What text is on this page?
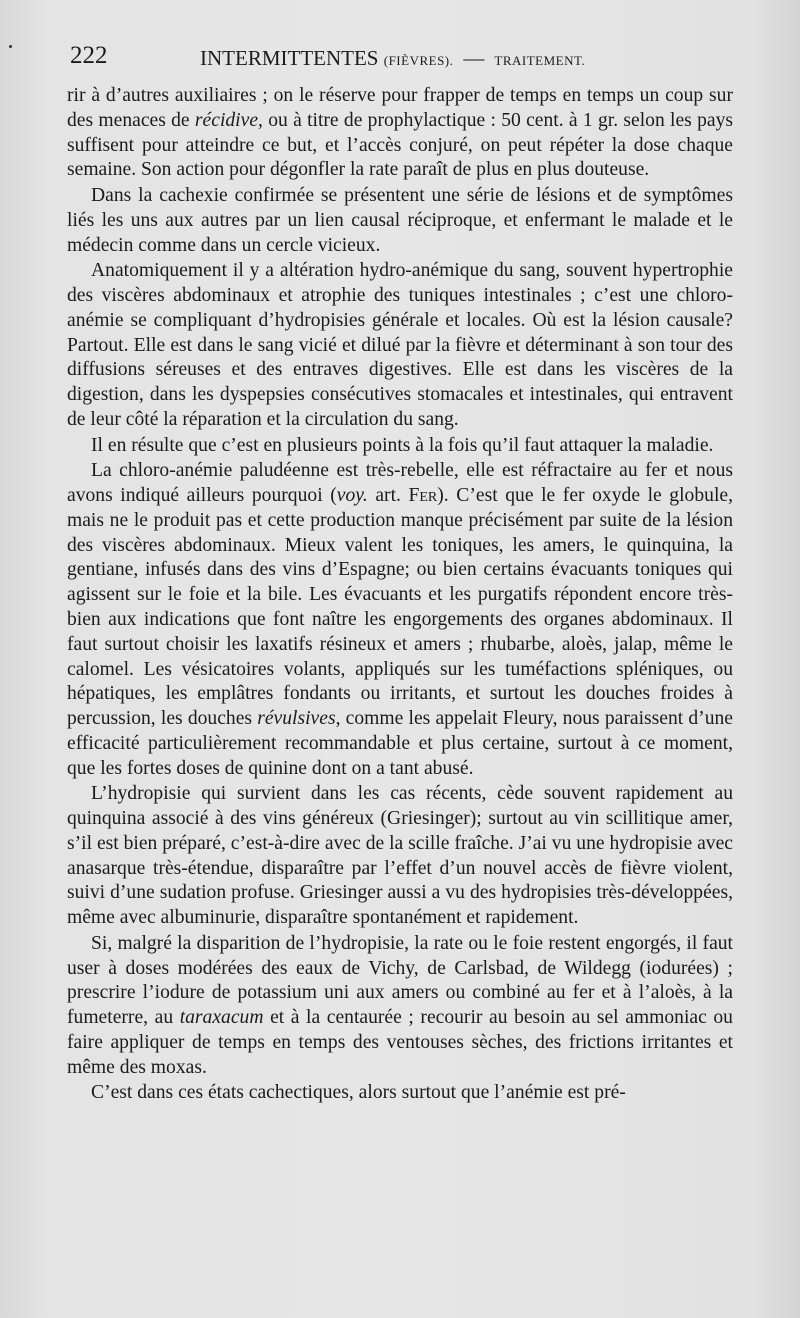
222	INTERMITTENTES (FIÈVRES). — TRAITEMENT.

rir à d’autres auxiliaires ; on le réserve pour frapper de temps en temps un coup sur des menaces de récidive, ou à titre de prophylactique : 50 cent. à 1 gr. selon les pays suffisent pour atteindre ce but, et l’accès conjuré, on peut répéter la dose chaque semaine. Son action pour dégonfler la rate paraît de plus en plus douteuse.

Dans la cachexie confirmée se présentent une série de lésions et de symptômes liés les uns aux autres par un lien causal réciproque, et enfermant le malade et le médecin comme dans un cercle vicieux.

Anatomiquement il y a altération hydro-anémique du sang, souvent hypertrophie des viscères abdominaux et atrophie des tuniques intestinales ; c’est une chloro-anémie se compliquant d’hydropisies générale et locales. Où est la lésion causale? Partout. Elle est dans le sang vicié et dilué par la fièvre et déterminant à son tour des diffusions séreuses et des entraves digestives. Elle est dans les viscères de la digestion, dans les dyspepsies consécutives stomacales et intestinales, qui entravent de leur côté la réparation et la circulation du sang.

Il en résulte que c’est en plusieurs points à la fois qu’il faut attaquer la maladie.

La chloro-anémie paludéenne est très-rebelle, elle est réfractaire au fer et nous avons indiqué ailleurs pourquoi (voy. art. Fer). C’est que le fer oxyde le globule, mais ne le produit pas et cette production manque précisément par suite de la lésion des viscères abdominaux. Mieux valent les toniques, les amers, le quinquina, la gentiane, infusés dans des vins d’Espagne; ou bien certains évacuants toniques qui agissent sur le foie et la bile. Les évacuants et les purgatifs répondent encore très-bien aux indications que font naître les engorgements des organes abdominaux. Il faut surtout choisir les laxatifs résineux et amers ; rhubarbe, aloès, jalap, même le calomel. Les vésicatoires volants, appliqués sur les tuméfactions spléniques, ou hépatiques, les emplâtres fondants ou irritants, et surtout les douches froides à percussion, les douches révulsives, comme les appelait Fleury, nous paraissent d’une efficacité particulièrement recommandable et plus certaine, surtout à ce moment, que les fortes doses de quinine dont on a tant abusé.

L’hydropisie qui survient dans les cas récents, cède souvent rapidement au quinquina associé à des vins généreux (Griesinger); surtout au vin scillitique amer, s’il est bien préparé, c’est-à-dire avec de la scille fraîche. J’ai vu une hydropisie avec anasarque très-étendue, disparaître par l’effet d’un nouvel accès de fièvre violent, suivi d’une sudation profuse. Griesinger aussi a vu des hydropisies très-développées, même avec albuminurie, disparaître spontanément et rapidement.

Si, malgré la disparition de l’hydropisie, la rate ou le foie restent engorgés, il faut user à doses modérées des eaux de Vichy, de Carlsbad, de Wildegg (iodurées) ; prescrire l’iodure de potassium uni aux amers ou combiné au fer et à l’aloès, à la fumeterre, au taraxacum et à la centaurée ; recourir au besoin au sel ammoniac ou faire appliquer de temps en temps des ventouses sèches, des frictions irritantes et même des moxas.

C’est dans ces états cachectiques, alors surtout que l’anémie est pré-
